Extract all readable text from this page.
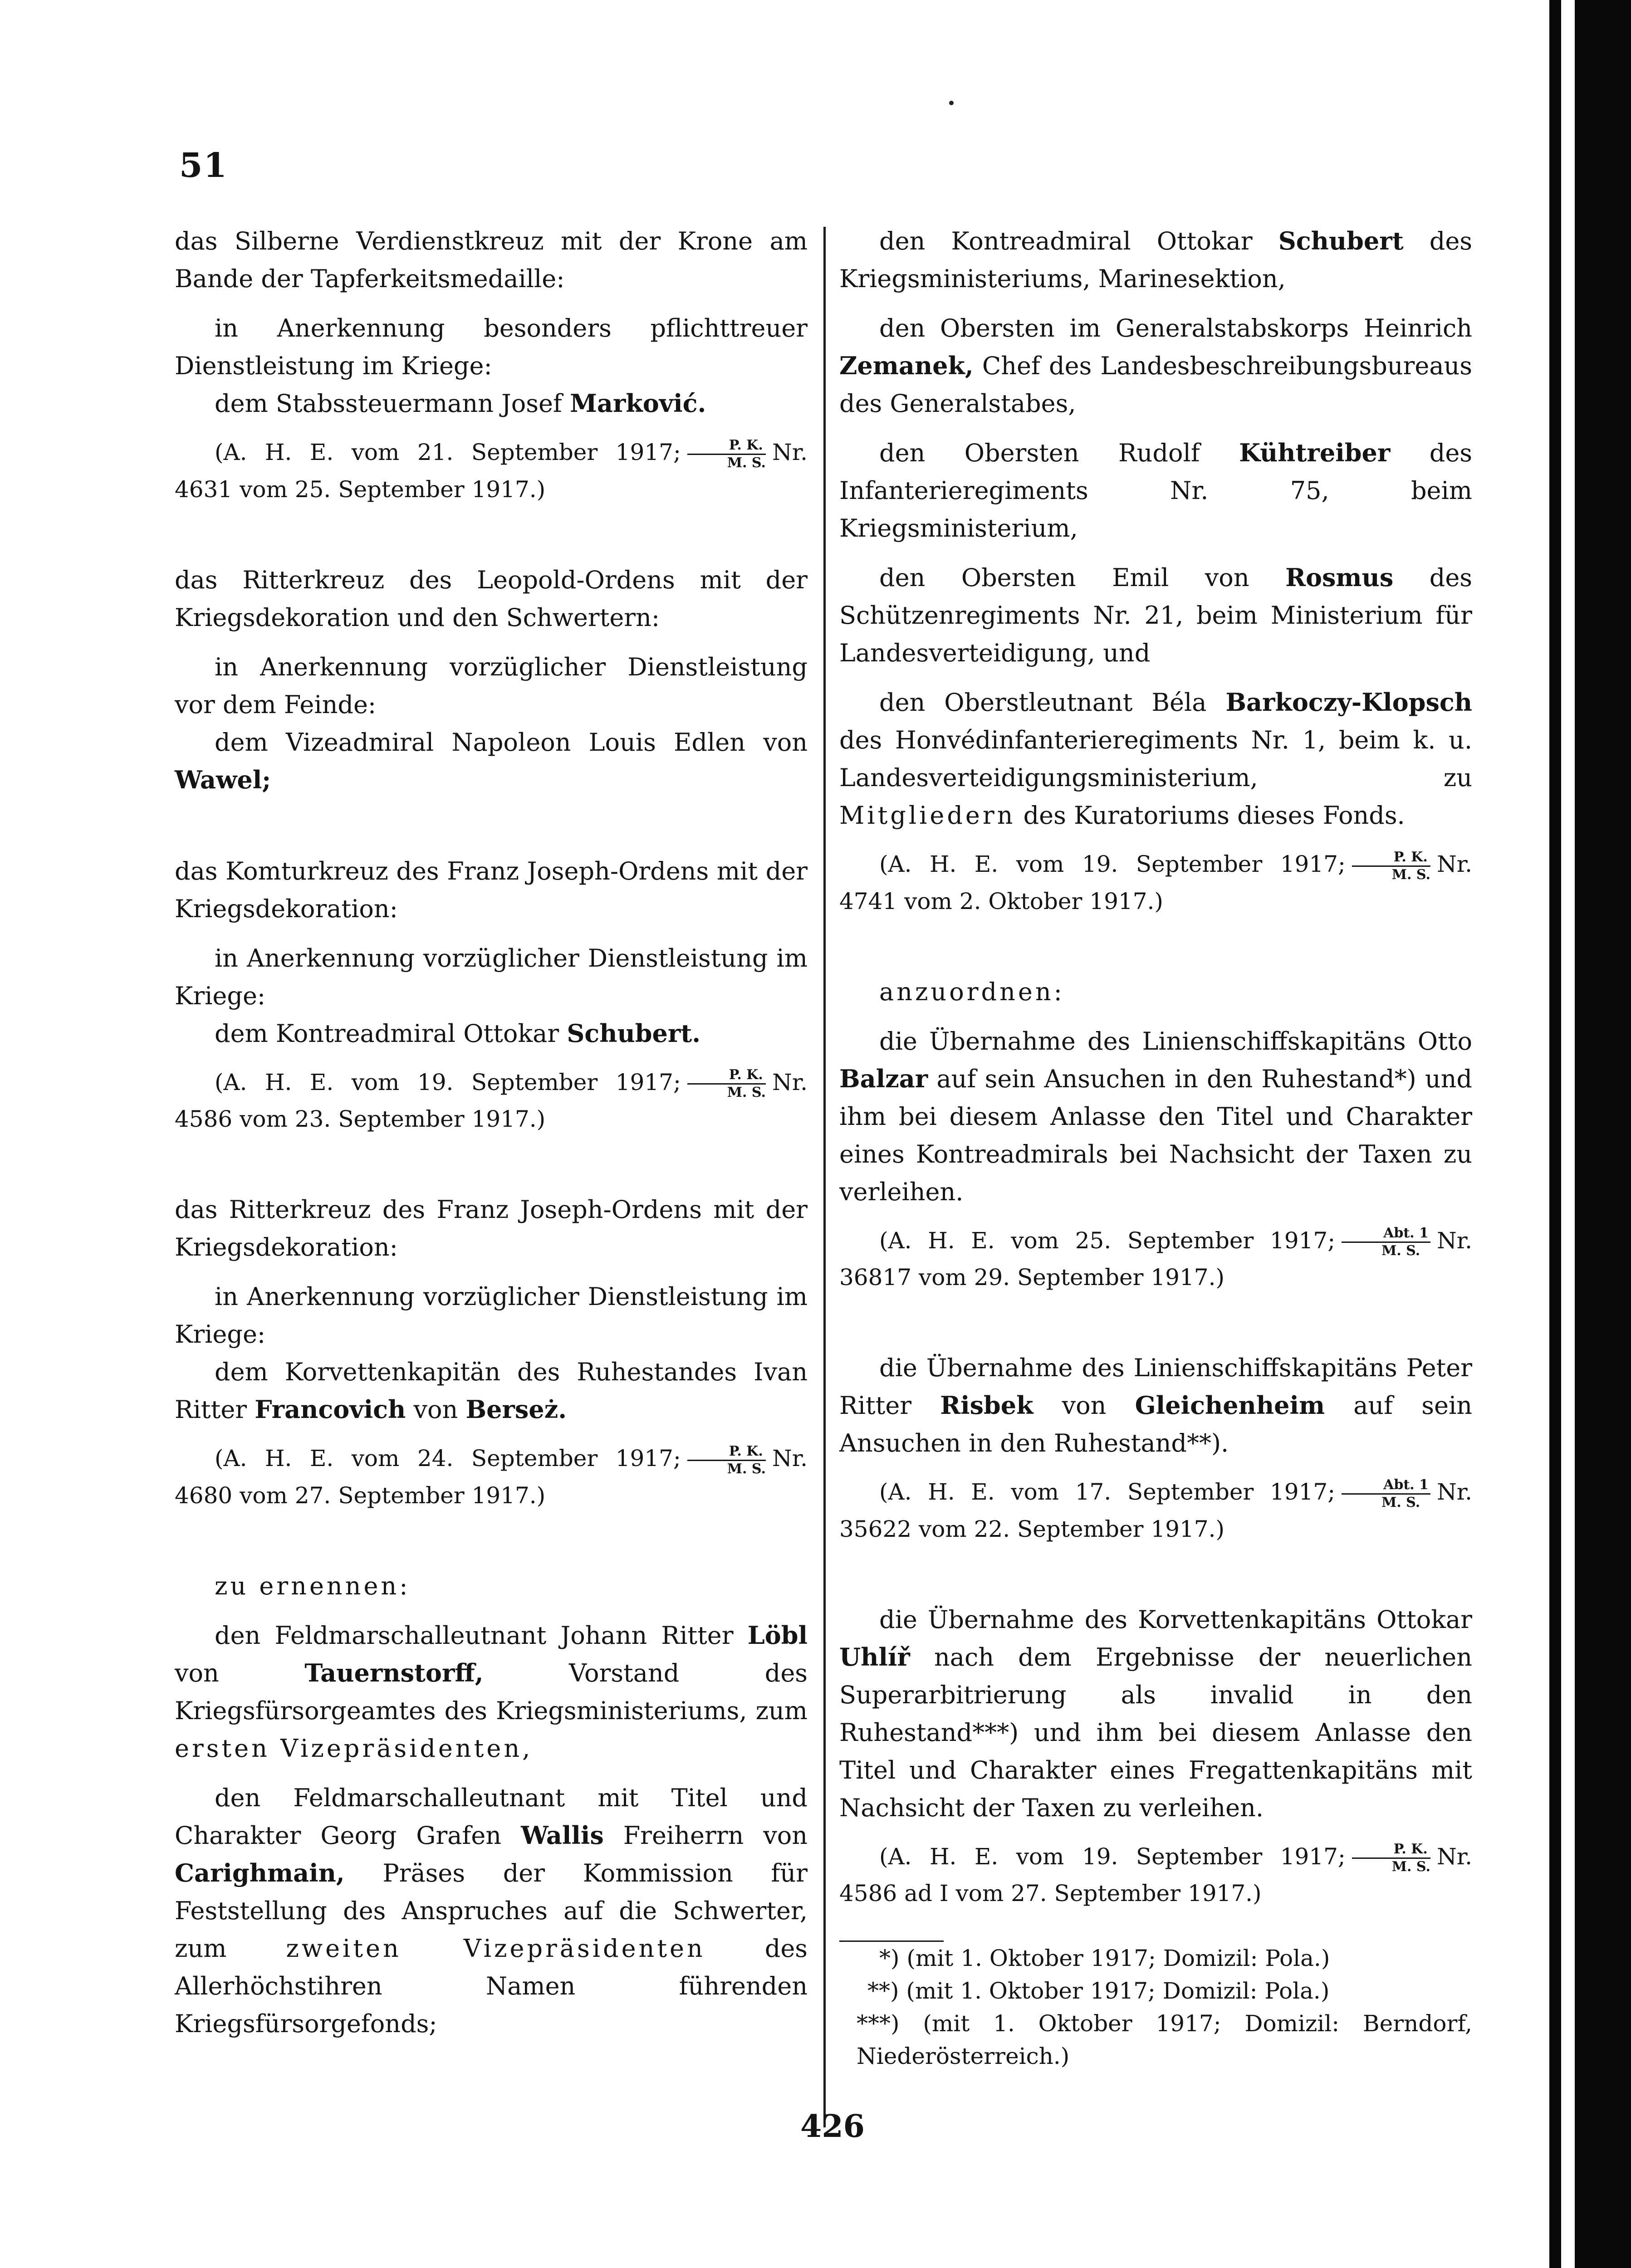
51

das Silberne Verdienstkreuz mit der Krone am Bande der Tapferkeitsmedaille:

in Anerkennung besonders pflichttreuer Dienstleistung im Kriege:

dem Stabssteuermann Josef Marković.

(A. H. E. vom 21. September 1917; $\frac{P. K.}{M. S.} Nr$. 4631 vom 25. September 1917.)

das Ritterkreuz des Leopold-Ordens mit der Kriegsdekoration und den Schwertern:

in Anerkennung vorzüglicher Dienstleistung vor dem Feinde:

dem Vizeadmiral Napoleon Louis Edlen von Wawel;

das Komturkreuz des Franz Joseph-Ordens mit der Kriegsdekoration:

in Anerkennung vorzüglicher Dienstleistung im Kriege:

dem Kontreadmiral Ottokar Schubert.

(A. H. E. vom 19. September 1917; $\frac{P. K.}{M. S.} Nr$. 4586 vom 23. September 1917.)

das Ritterkreuz des Franz Joseph-Ordens mit der Kriegsdekoration:

in Anerkennung vorzüglicher Dienstleistung im Kriege:

dem Korvettenkapitän des Ruhestandes Ivan Ritter Francovich von Berseż.

(A. H. E. vom 24. September 1917; $\frac{P. K.}{M. S.} Nr$. 4680 vom 27. September 1917.)

zu ernennen:

den Feldmarschalleutnant Johann Ritter Löbl von Tauernstorff, Vorstand des Kriegsfürsorgeamtes des Kriegsministeriums, zum ersten Vizepräsidenten,

den Feldmarschalleutnant mit Titel und Charakter Georg Grafen Wallis Freiherrn von Carighmain, Präses der Kommission für Feststellung des Anspruches auf die Schwerter, zum zweiten Vizepräsidenten des Allerhöchstihren Namen führenden Kriegsfürsorgefonds;

den Kontreadmiral Ottokar Schubert des Kriegsministeriums, Marinesektion,

den Obersten im Generalstabskorps Heinrich Zemanek, Chef des Landesbeschreibungsbureaus des Generalstabes,

den Obersten Rudolf Kühtreiber des Infanterieregiments Nr. 75, beim Kriegsministerium,

den Obersten Emil von Rosmus des Schützenregiments Nr. 21, beim Ministerium für Landesverteidigung, und

den Oberstleutnant Béla Barkoczy-Klopsch des Honvédinfanterieregiments Nr. 1, beim k. u. Landesverteidigungsministerium, zu Mitgliedern des Kuratoriums dieses Fonds.

(A. H. E. vom 19. September 1917; $\frac{P. K.}{M. S.} Nr$. 4741 vom 2. Oktober 1917.)

anzuordnen:

die Übernahme des Linienschiffskapitäns Otto Balzar auf sein Ansuchen in den Ruhestand*) und ihm bei diesem Anlasse den Titel und Charakter eines Kontreadmirals bei Nachsicht der Taxen zu verleihen.

(A. H. E. vom 25. September 1917;	Abt. 1
M. S. Nr. 36817 vom 29. September 1917.)

die Übernahme des Linienschiffskapitäns Peter Ritter Risbek von Gleichenheim auf sein Ansuchen in den Ruhestand**).

(A. H. E. vom 17. September 1917;	Abt. 1
M. S. Nr. 35622 vom 22. September 1917.)

die Übernahme des Korvettenkapitäns Ottokar Uhlíř nach dem Ergebnisse der neuerlichen Superarbitrierung als invalid in den Ruhestand***) und ihm bei diesem Anlasse den Titel und Charakter eines Fregattenkapitäns mit Nachsicht der Taxen zu verleihen.

(A. H. E. vom 19. September 1917; $\frac{P. K.}{M. S.} Nr$. 4586 ad I vom 27. September 1917.)

*) (mit 1. Oktober 1917; Domizil: Pola.)

**) (mit 1. Oktober 1917; Domizil: Pola.)

***) (mit 1. Oktober 1917; Domizil: Berndorf, Niederösterreich.)

426
